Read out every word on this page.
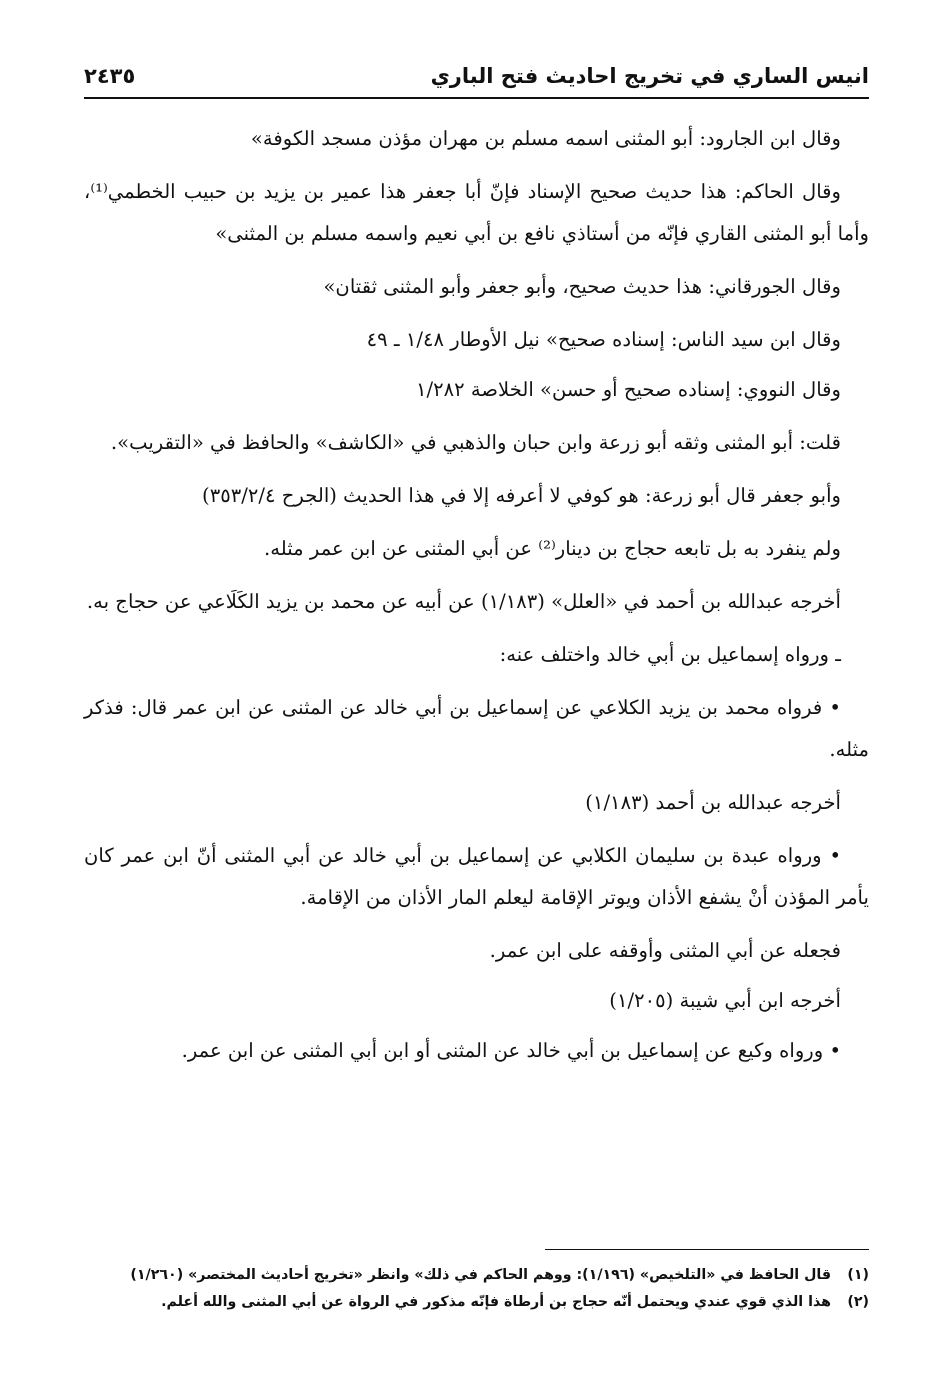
انيس الساري في تخريج احاديث فتح الباري
٢٤٣٥

وقال ابن الجارود: أبو المثنى اسمه مسلم بن مهران مؤذن مسجد الكوفة»

وقال الحاكم: هذا حديث صحيح الإسناد فإنّ أبا جعفر هذا عمير بن يزيد بن حبيب الخطمي⁽¹⁾، وأما أبو المثنى القاري فإنّه من أستاذي نافع بن أبي نعيم واسمه مسلم بن المثنى»

وقال الجورقاني: هذا حديث صحيح، وأبو جعفر وأبو المثنى ثقتان»

وقال ابن سيد الناس: إسناده صحيح» نيل الأوطار ١/٤٨ ـ ٤٩

وقال النووي: إسناده صحيح أو حسن» الخلاصة ١/٢٨٢

قلت: أبو المثنى وثقه أبو زرعة وابن حبان والذهبي في «الكاشف» والحافظ في «التقريب».

وأبو جعفر قال أبو زرعة: هو كوفي لا أعرفه إلا في هذا الحديث (الجرح ٣٥٣/٢/٤)

ولم ينفرد به بل تابعه حجاج بن دينار⁽²⁾ عن أبي المثنى عن ابن عمر مثله.

أخرجه عبدالله بن أحمد في «العلل» (١/١٨٣) عن أبيه عن محمد بن يزيد الكَلَاعي عن حجاج به.

ـ ورواه إسماعيل بن أبي خالد واختلف عنه:

• فرواه محمد بن يزيد الكلاعي عن إسماعيل بن أبي خالد عن المثنى عن ابن عمر قال: فذكر مثله.

أخرجه عبدالله بن أحمد (١/١٨٣)

• ورواه عبدة بن سليمان الكلابي عن إسماعيل بن أبي خالد عن أبي المثنى أنّ ابن عمر كان يأمر المؤذن أنْ يشفع الأذان ويوتر الإقامة ليعلم المار الأذان من الإقامة.

فجعله عن أبي المثنى وأوقفه على ابن عمر.

أخرجه ابن أبي شيبة (١/٢٠٥)

• ورواه وكيع عن إسماعيل بن أبي خالد عن المثنى أو ابن أبي المثنى عن ابن عمر.

(١)
قال الحافظ في «التلخيص» (١/١٩٦): ووهم الحاكم في ذلك» وانظر «تخريج أحاديث المختصر» (١/٢٦٠)
(٢)
هذا الذي قوي عندي ويحتمل أنّه حجاج بن أرطاة فإنّه مذكور في الرواة عن أبي المثنى والله أعلم.
